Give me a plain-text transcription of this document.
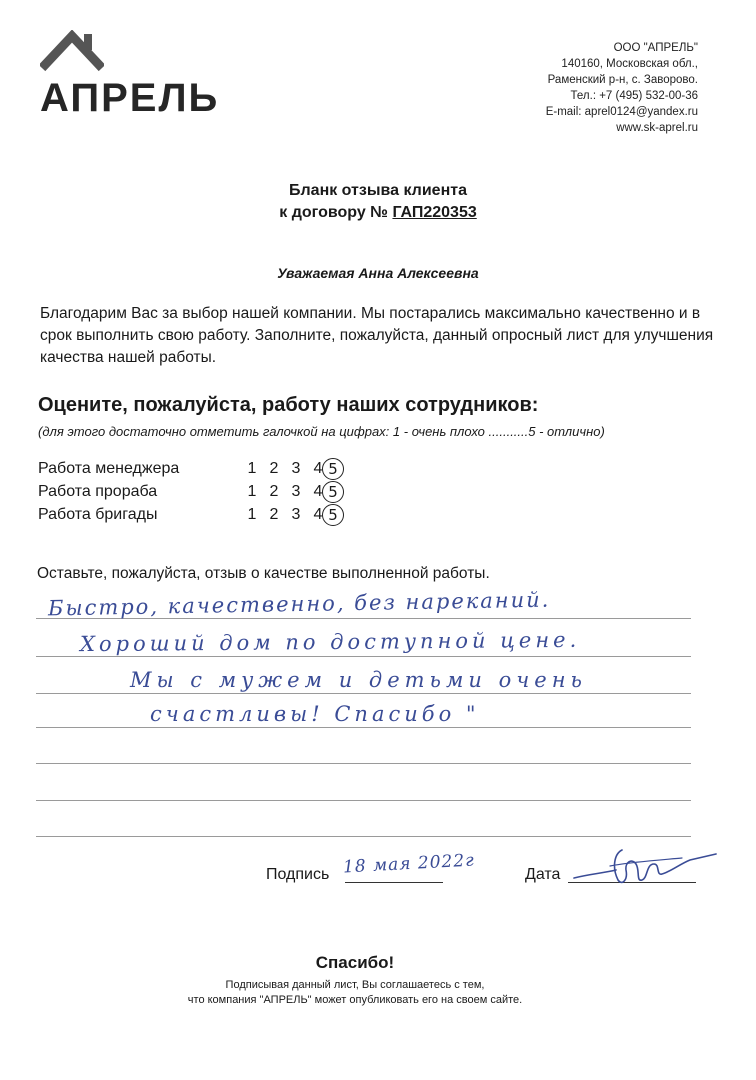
АПРЕЛЬ
ООО "АПРЕЛЬ"
140160, Московская обл.,
Раменский р-н, с. Заворово.
Тел.: +7 (495) 532-00-36
E-mail: aprel0124@yandex.ru
www.sk-aprel.ru
Бланк отзыва клиента
к договору № ГАП220353
Уважаемая Анна Алексеевна
Благодарим Вас за выбор нашей компании. Мы постарались максимально качественно и в срок выполнить свою работу. Заполните, пожалуйста, данный опросный лист для улучшения качества нашей работы.
Оцените, пожалуйста, работу наших сотрудников:
(для этого достаточно отметить галочкой на цифрах: 1 - очень плохо ...........5 - отлично)
Работа менеджера	1 2 3 4 5
Работа прораба	1 2 3 4 5
Работа бригады	1 2 3 4 5
Оставьте, пожалуйста, отзыв о качестве выполненной работы.
Быстро, качественно, без нареканий.
Хороший дом по доступной цене.
Мы с мужем и детьми очень
счастливы! Спасибо "
Подпись 18 мая 2022г	Дата
Спасибо!
Подписывая данный лист, Вы соглашаетесь с тем,
что компания "АПРЕЛЬ" может опубликовать его на своем сайте.
